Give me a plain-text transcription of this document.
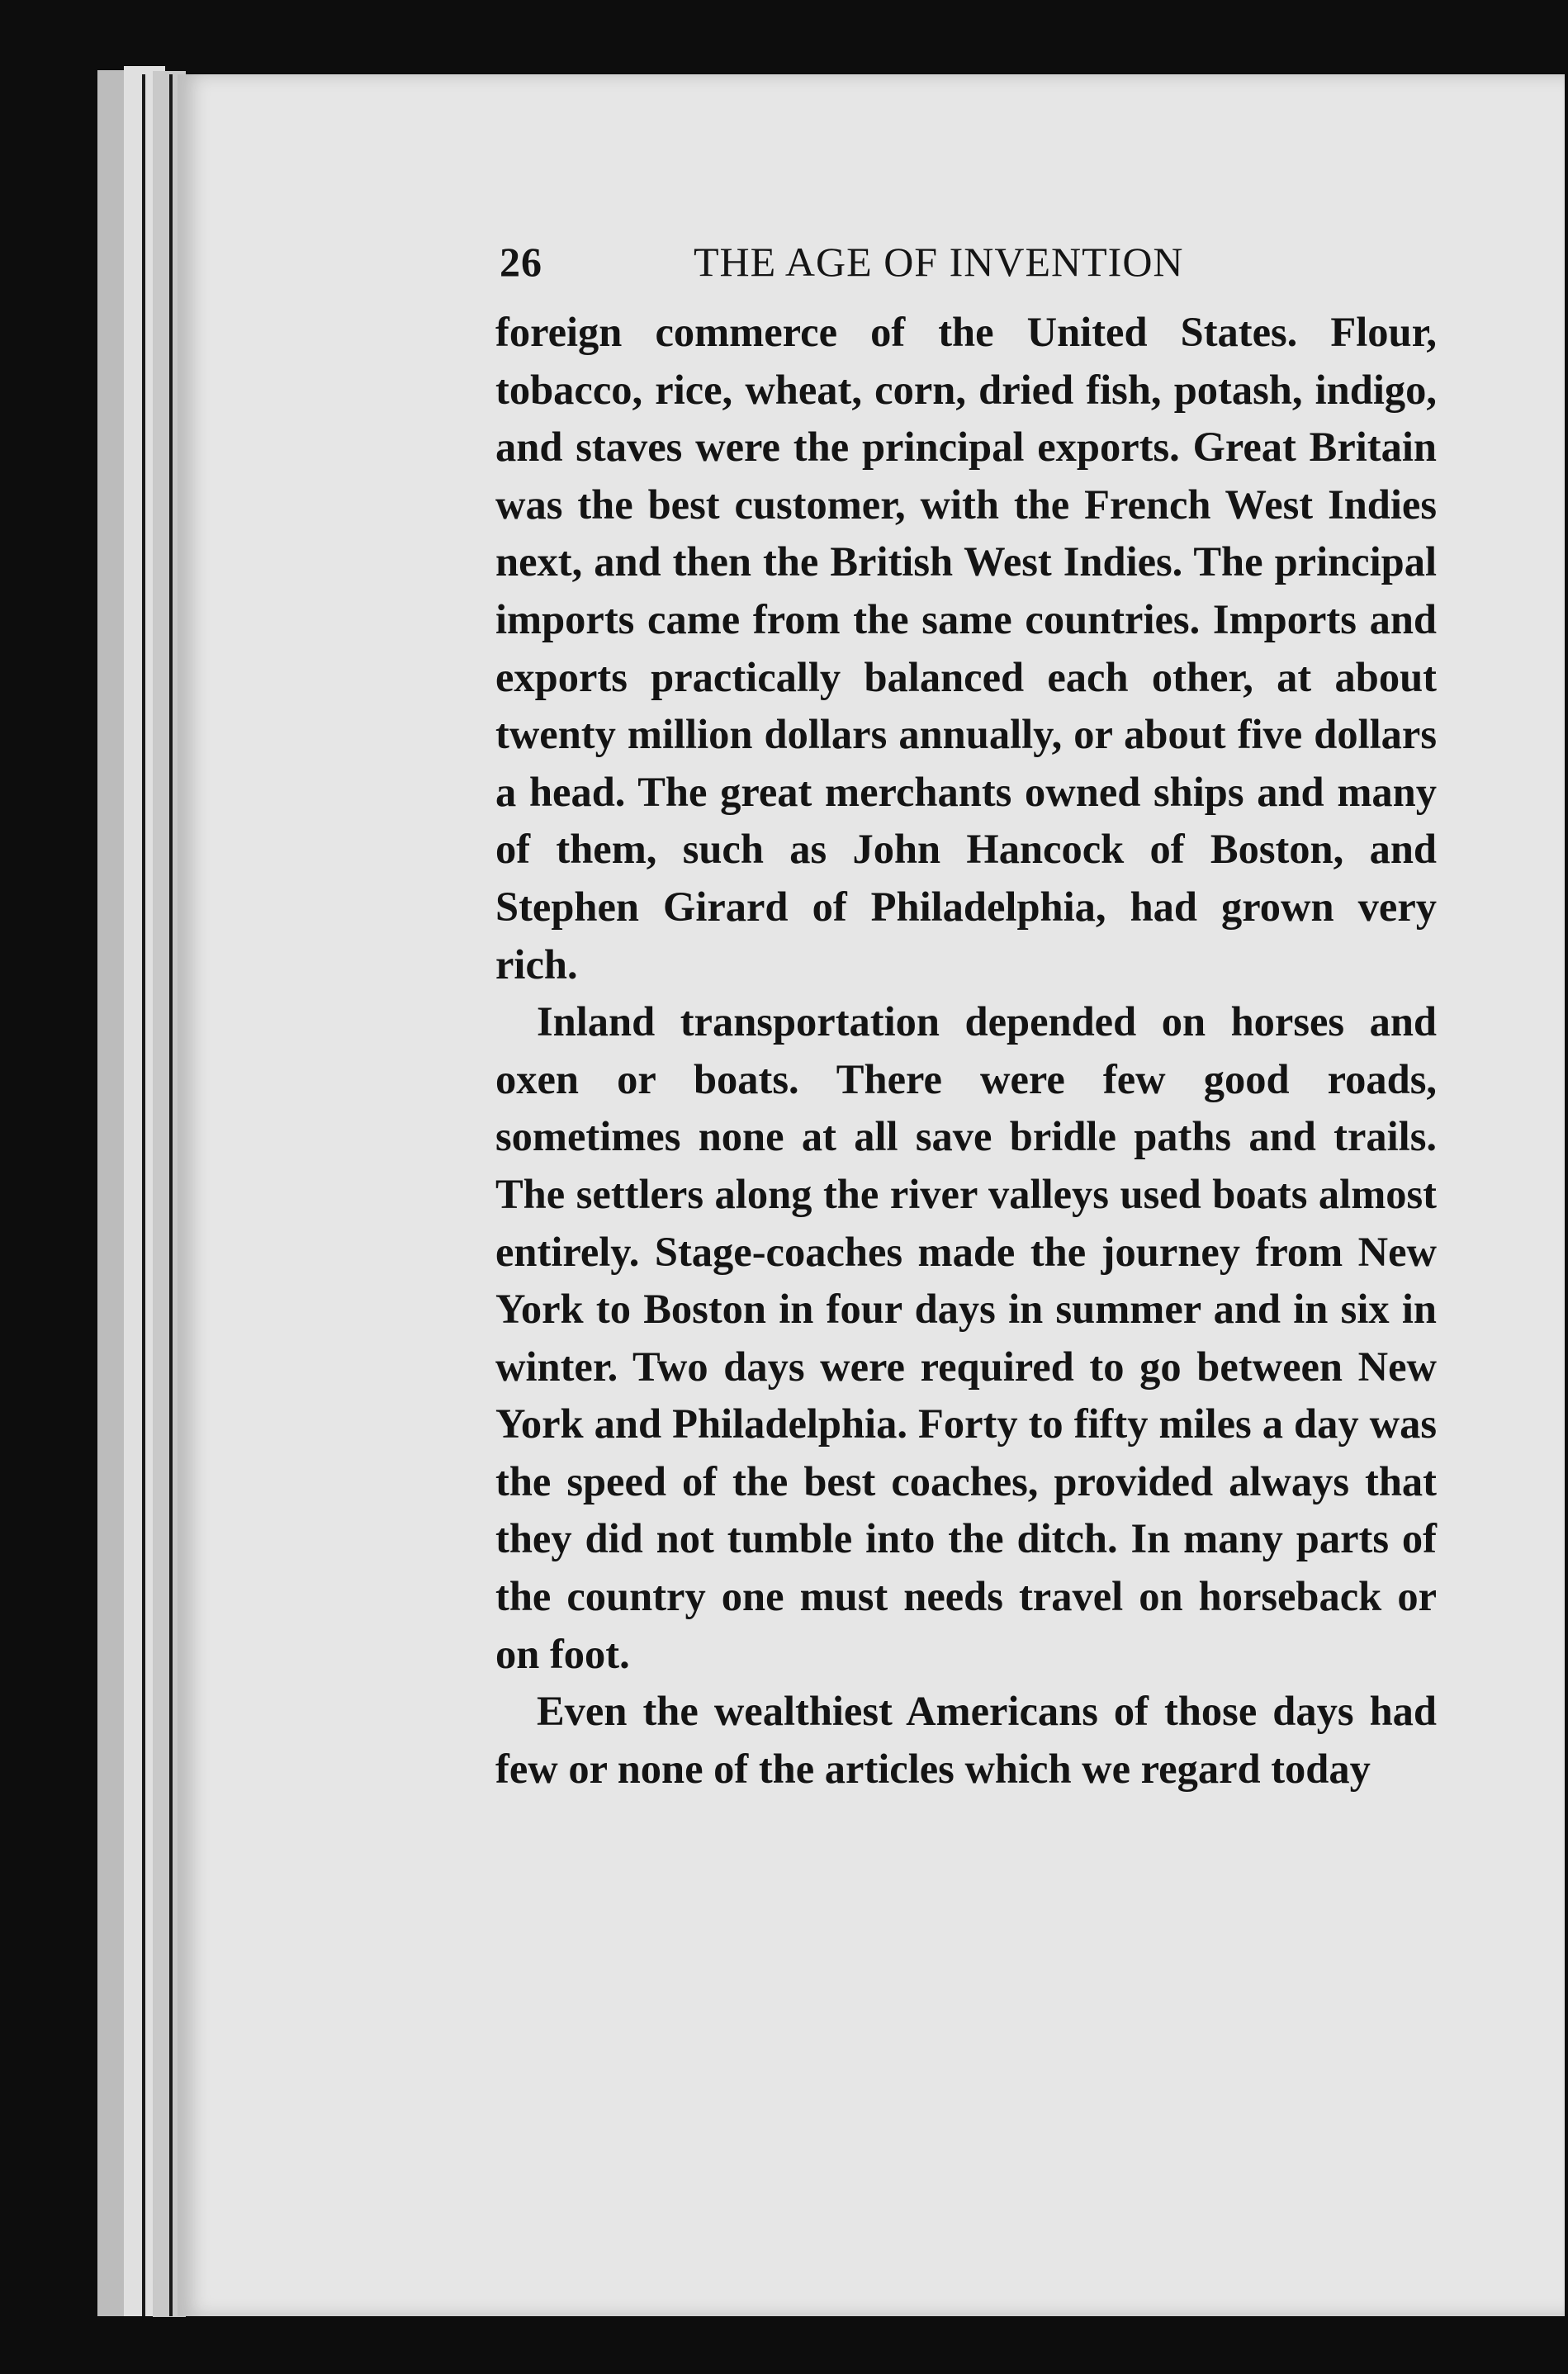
26	THE AGE OF INVENTION

foreign commerce of the United States. Flour, tobacco, rice, wheat, corn, dried fish, potash, indigo, and staves were the principal exports. Great Britain was the best customer, with the French West Indies next, and then the British West Indies. The principal imports came from the same countries. Imports and exports practically balanced each other, at about twenty million dollars annually, or about five dollars a head. The great merchants owned ships and many of them, such as John Hancock of Boston, and Stephen Girard of Philadelphia, had grown very rich.

Inland transportation depended on horses and oxen or boats. There were few good roads, sometimes none at all save bridle paths and trails. The settlers along the river valleys used boats almost entirely. Stage-coaches made the journey from New York to Boston in four days in summer and in six in winter. Two days were required to go between New York and Philadelphia. Forty to fifty miles a day was the speed of the best coaches, provided always that they did not tumble into the ditch. In many parts of the country one must needs travel on horseback or on foot.

Even the wealthiest Americans of those days had few or none of the articles which we regard today
